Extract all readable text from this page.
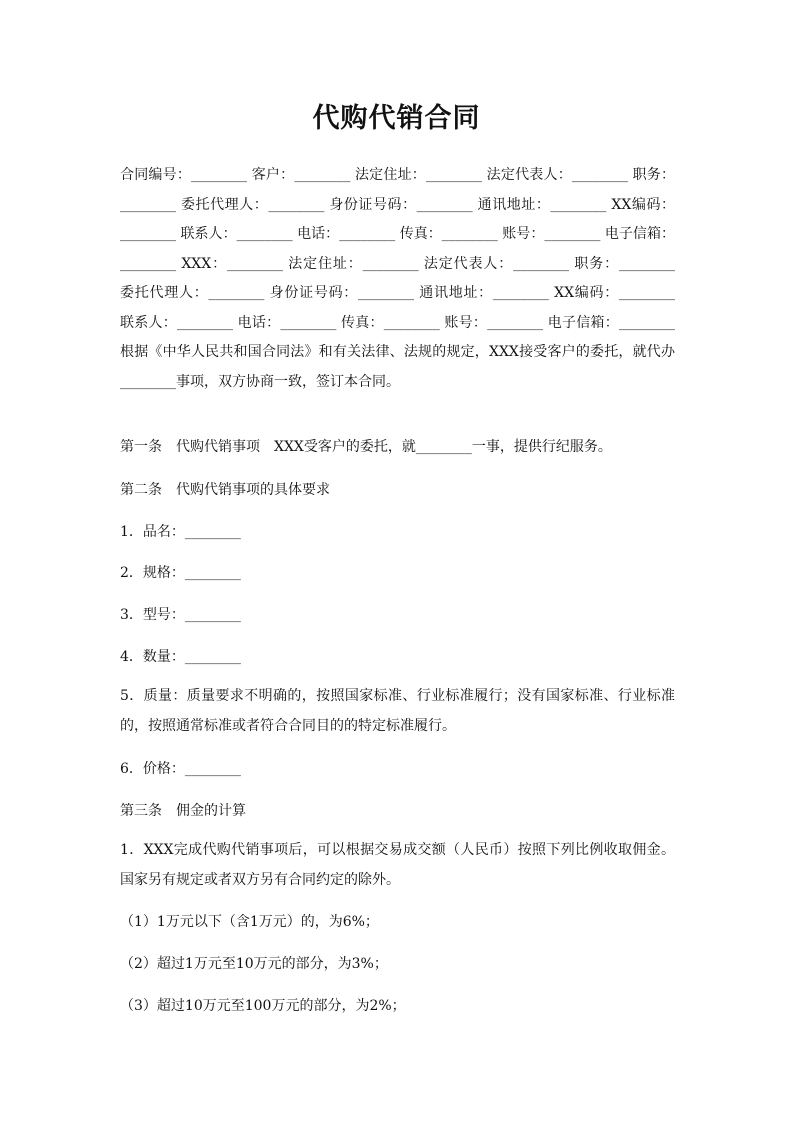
代购代销合同

合同编号：________ 客户：________ 法定住址：________ 法定代表人：________ 职务：________ 委托代理人：________ 身份证号码：________ 通讯地址：________ XX编码：________ 联系人：________ 电话：________ 传真：________ 账号：________ 电子信箱：________ XXX：________ 法定住址：________ 法定代表人：________ 职务：________ 委托代理人：________ 身份证号码：________ 通讯地址：________ XX编码：________ 联系人：________ 电话：________ 传真：________ 账号：________ 电子信箱：________ 根据《中华人民共和国合同法》和有关法律、法规的规定，XXX接受客户的委托，就代办________事项，双方协商一致，签订本合同。

第一条　代购代销事项　XXX受客户的委托，就________一事，提供行纪服务。

第二条　代购代销事项的具体要求

1．品名：________

2．规格：________

3．型号：________

4．数量：________

5．质量：质量要求不明确的，按照国家标准、行业标准履行；没有国家标准、行业标准的，按照通常标准或者符合合同目的的特定标准履行。

6．价格：________

第三条　佣金的计算

1．XXX完成代购代销事项后，可以根据交易成交额（人民币）按照下列比例收取佣金。国家另有规定或者双方另有合同约定的除外。

（1）1万元以下（含1万元）的，为6%；

（2）超过1万元至10万元的部分，为3%；

（3）超过10万元至100万元的部分，为2%；
